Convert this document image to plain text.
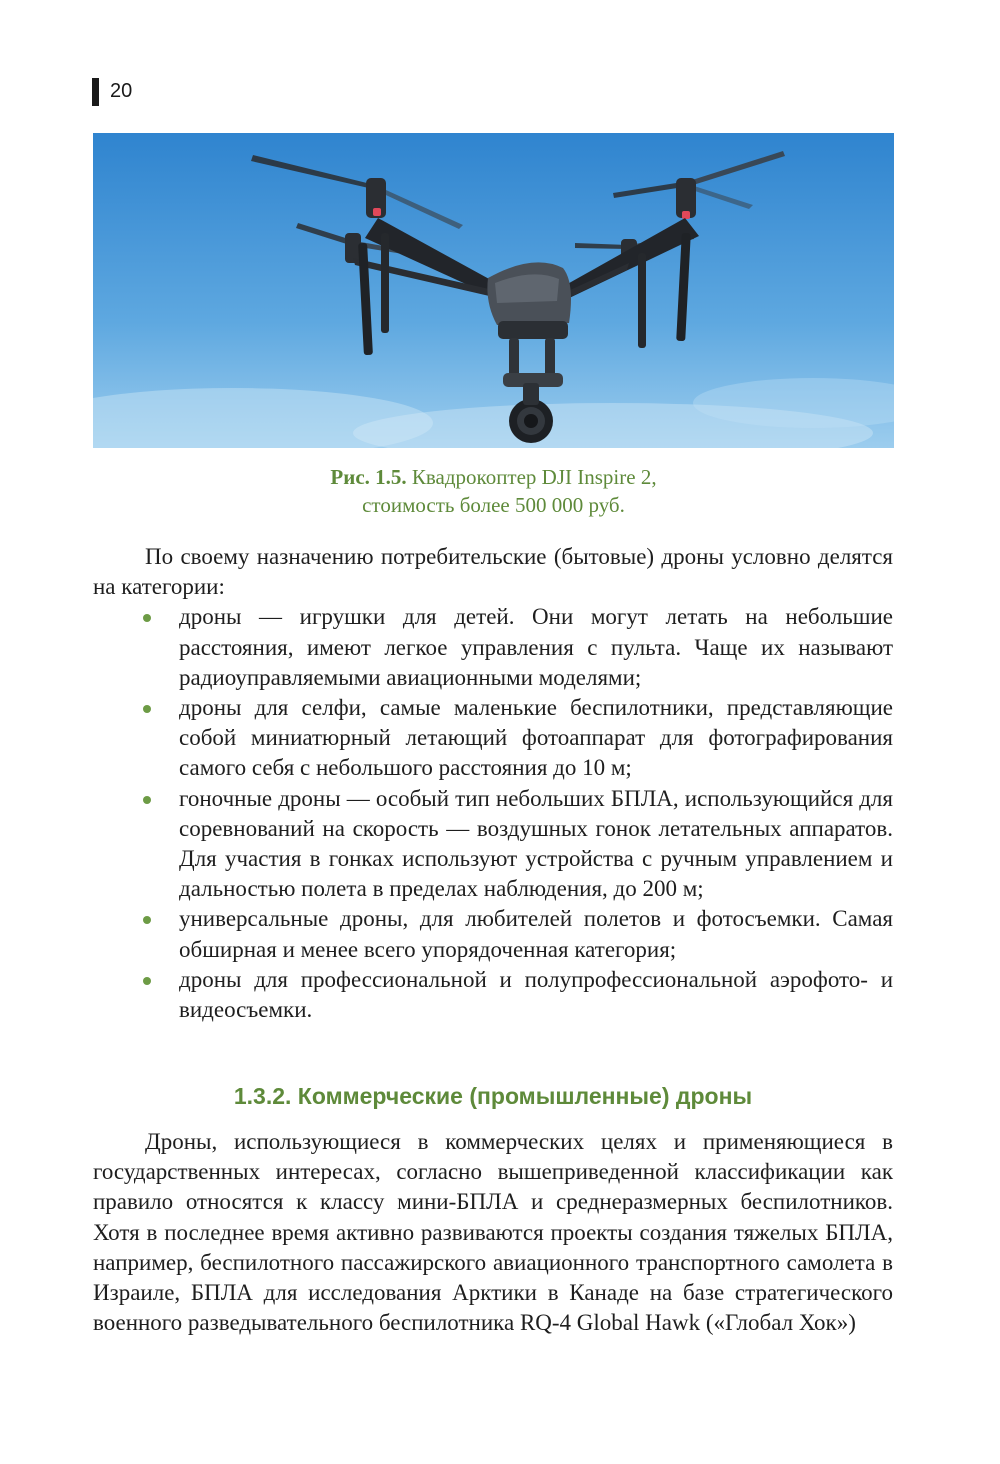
20
Рис. 1.5. Квадрокоптер DJI Inspire 2,
стоимость более 500 000 руб.

По своему назначению потребительские (бытовые) дроны условно делятся на категории:

дроны — игрушки для детей. Они могут летать на небольшие расстояния, имеют легкое управления с пульта. Чаще их называют радиоуправляемыми авиационными моделями;
дроны для селфи, самые маленькие беспилотники, представляющие собой миниатюрный летающий фотоаппарат для фотографирования самого себя с небольшого расстояния до 10 м;
гоночные дроны — особый тип небольших БПЛА, использующийся для соревнований на скорость — воздушных гонок летательных аппаратов. Для участия в гонках используют устройства с ручным управлением и дальностью полета в пределах наблюдения, до 200 м;
универсальные дроны, для любителей полетов и фотосъемки. Самая обширная и менее всего упорядоченная категория;
дроны для профессиональной и полупрофессиональной аэрофото- и видеосъемки.
1.3.2. Коммерческие (промышленные) дроны

Дроны, использующиеся в коммерческих целях и применяющиеся в государственных интересах, согласно вышеприведенной классификации как правило относятся к классу мини-БПЛА и среднеразмерных беспилотников. Хотя в последнее время активно развиваются проекты создания тяжелых БПЛА, например, беспилотного пассажирского авиационного транспортного самолета в Израиле, БПЛА для исследования Арктики в Канаде на базе стратегического военного разведывательного беспилотника RQ-4 Global Hawk («Глобал Хок»)
